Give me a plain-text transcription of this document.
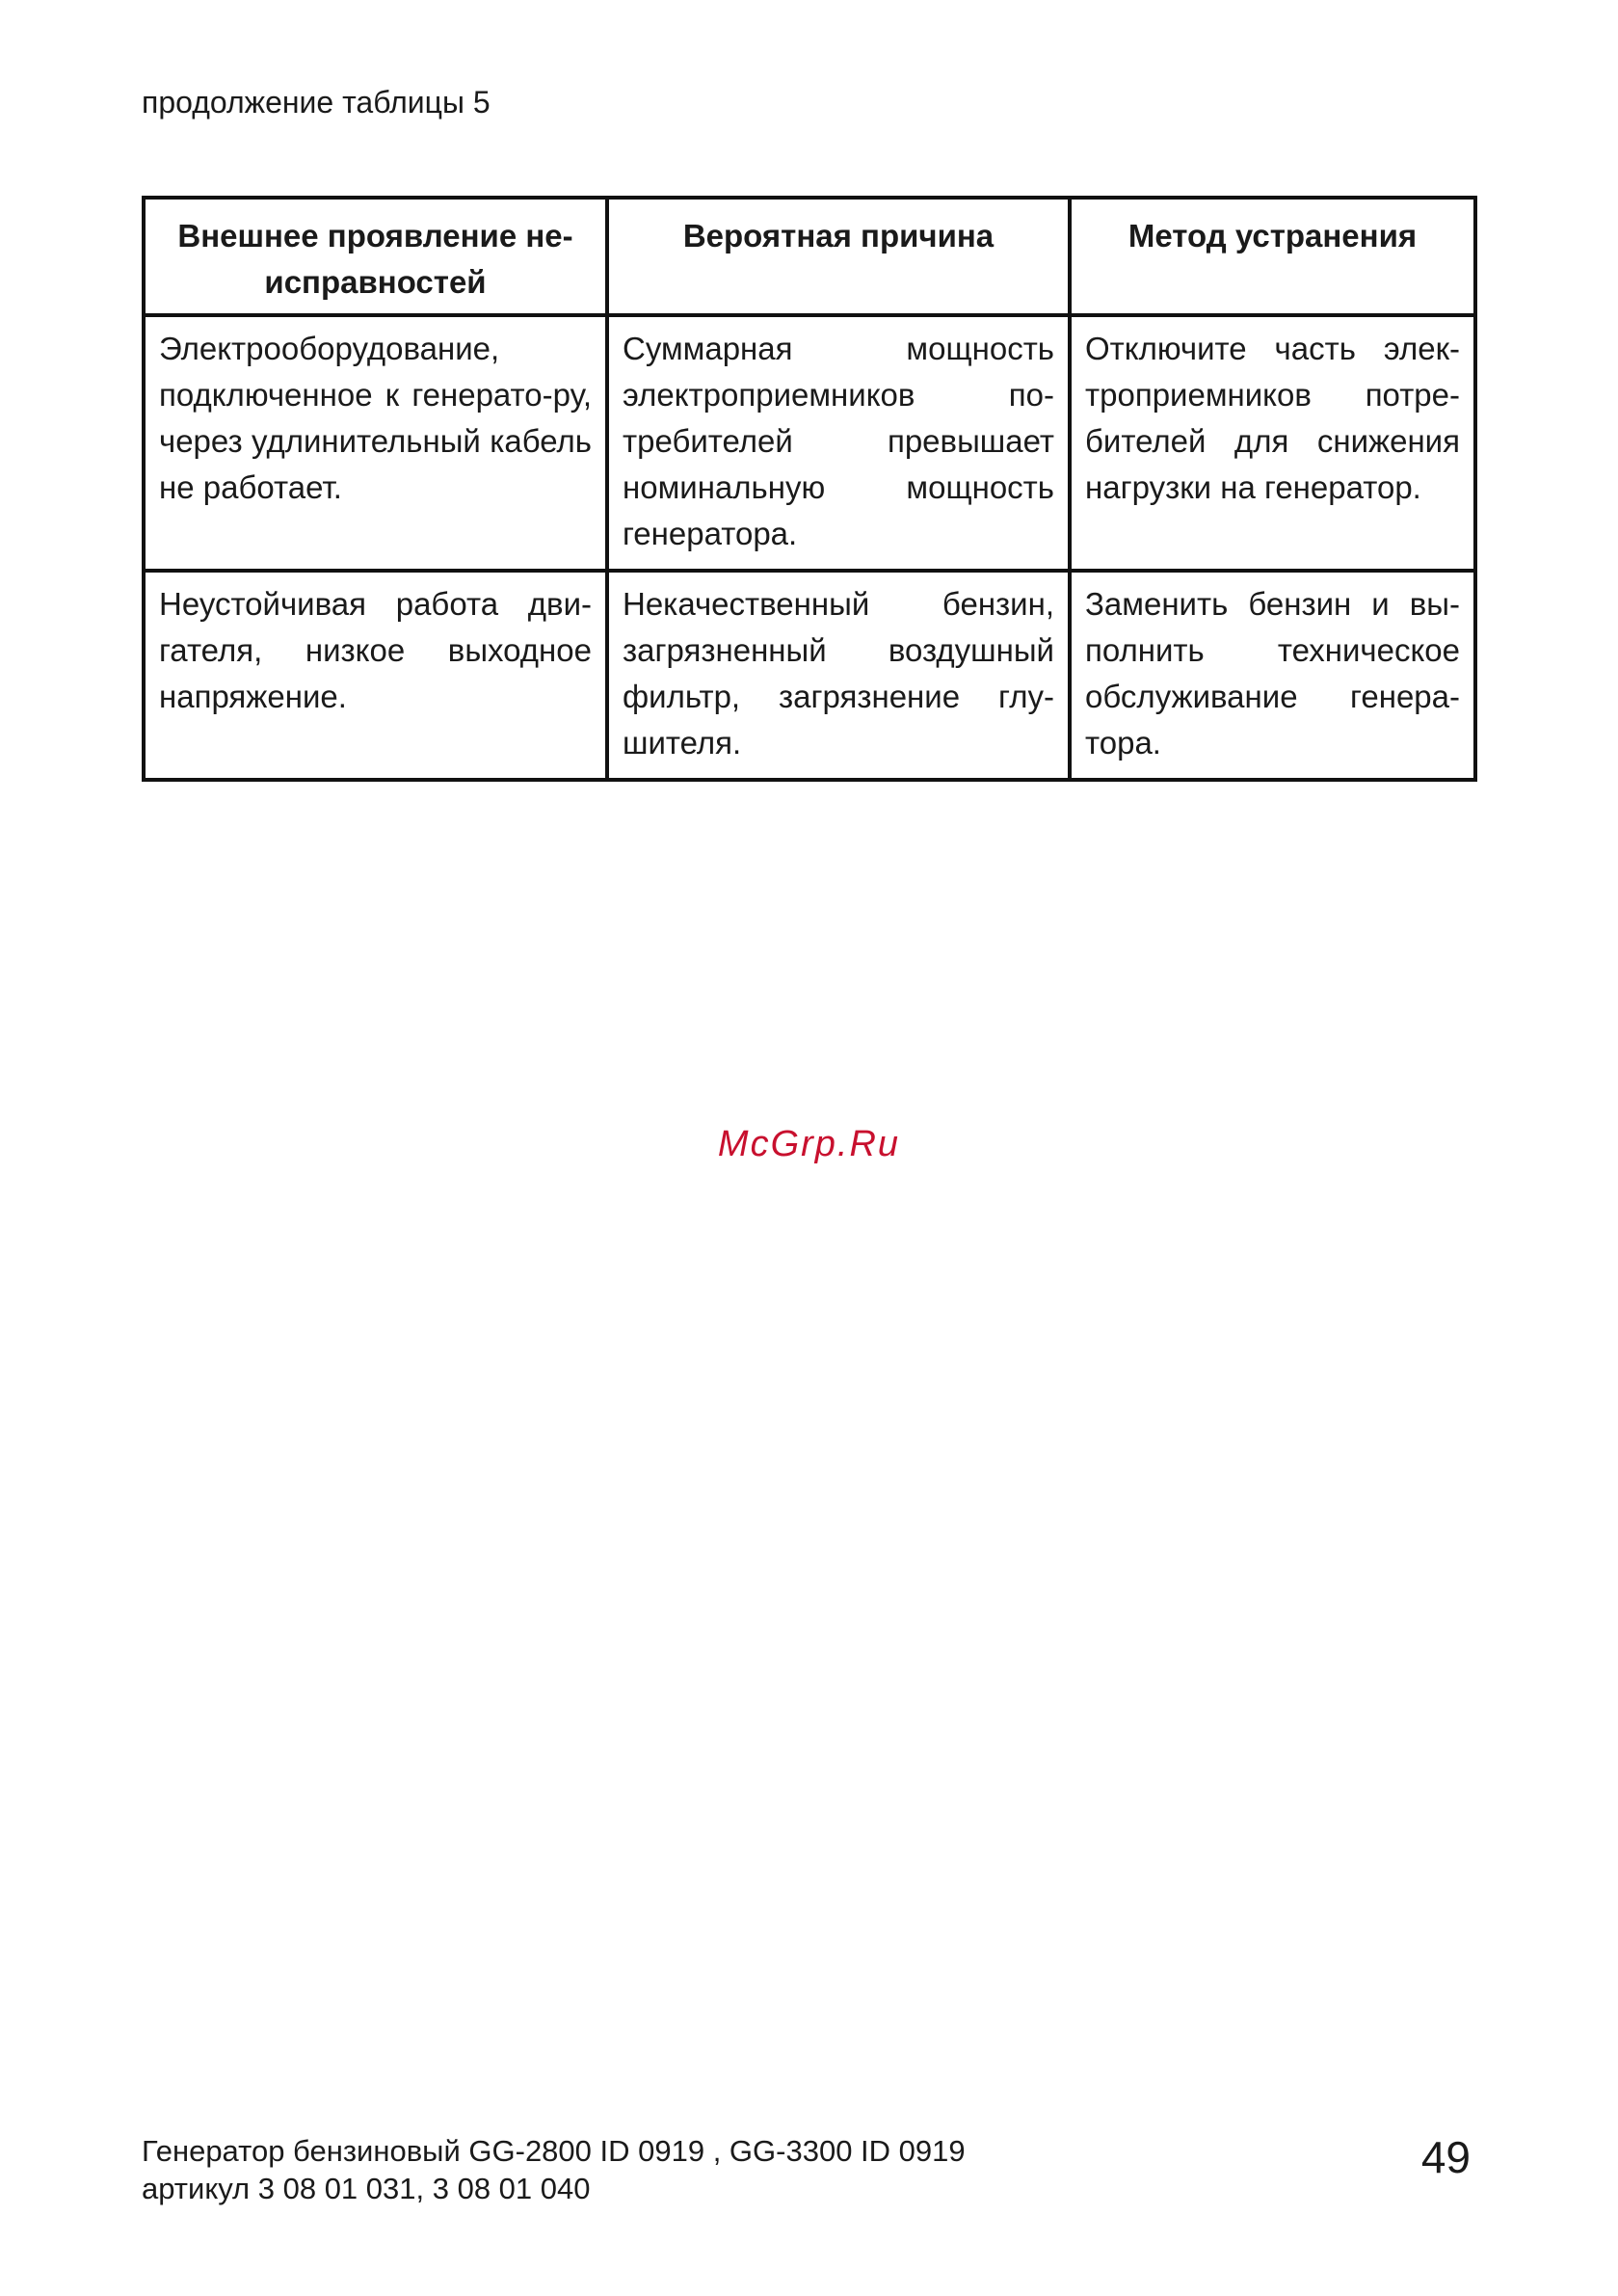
продолжение таблицы 5
Внешнее проявление не-исправностей	Вероятная причина	Метод устранения
Электрооборудование, подключенное к генерато-ру, через удлинительный кабель не работает.	Суммарная мощность электроприемников по-требителей превышает номинальную мощность генератора.	Отключите часть элек-троприемников потре-бителей для снижения нагрузки на генератор.
Неустойчивая работа дви-гателя, низкое выходное напряжение.	Некачественный бензин, загрязненный воздушный фильтр, загрязнение глу-шителя.	Заменить бензин и вы-полнить техническое обслуживание генера-тора.
McGrp.Ru
Генератор бензиновый GG-2800 ID 0919 , GG-3300 ID 0919
артикул 3 08 01 031, 3 08 01 040
49
